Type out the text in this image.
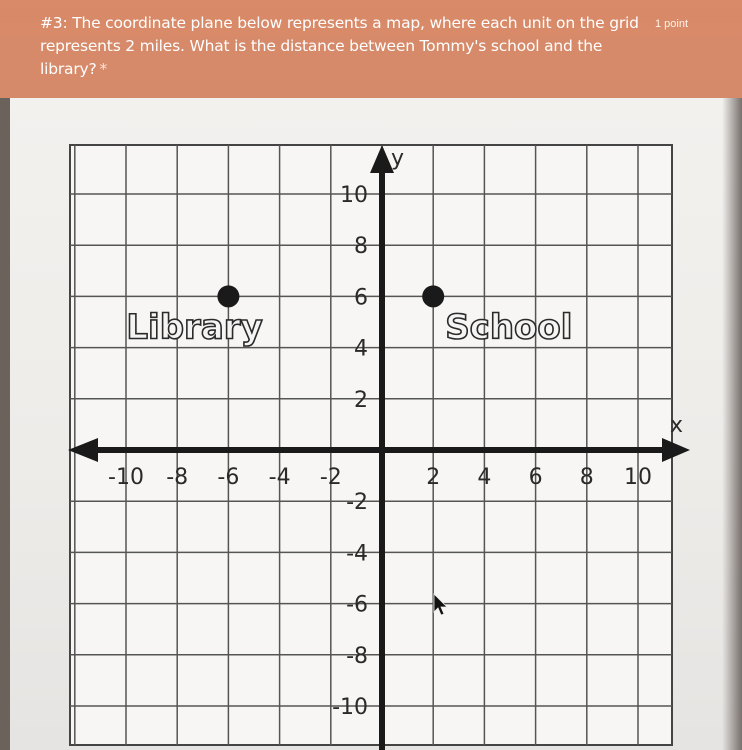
#3: The coordinate plane below represents a map, where each unit on the grid represents 2 miles. What is the distance between Tommy's school and the library? *
1 point
-10 -8 -6 -4 -2	2 4 6 8 10
10
8
6
4
2
-2
-4
-6
-8
-10
Library	School
x
y
